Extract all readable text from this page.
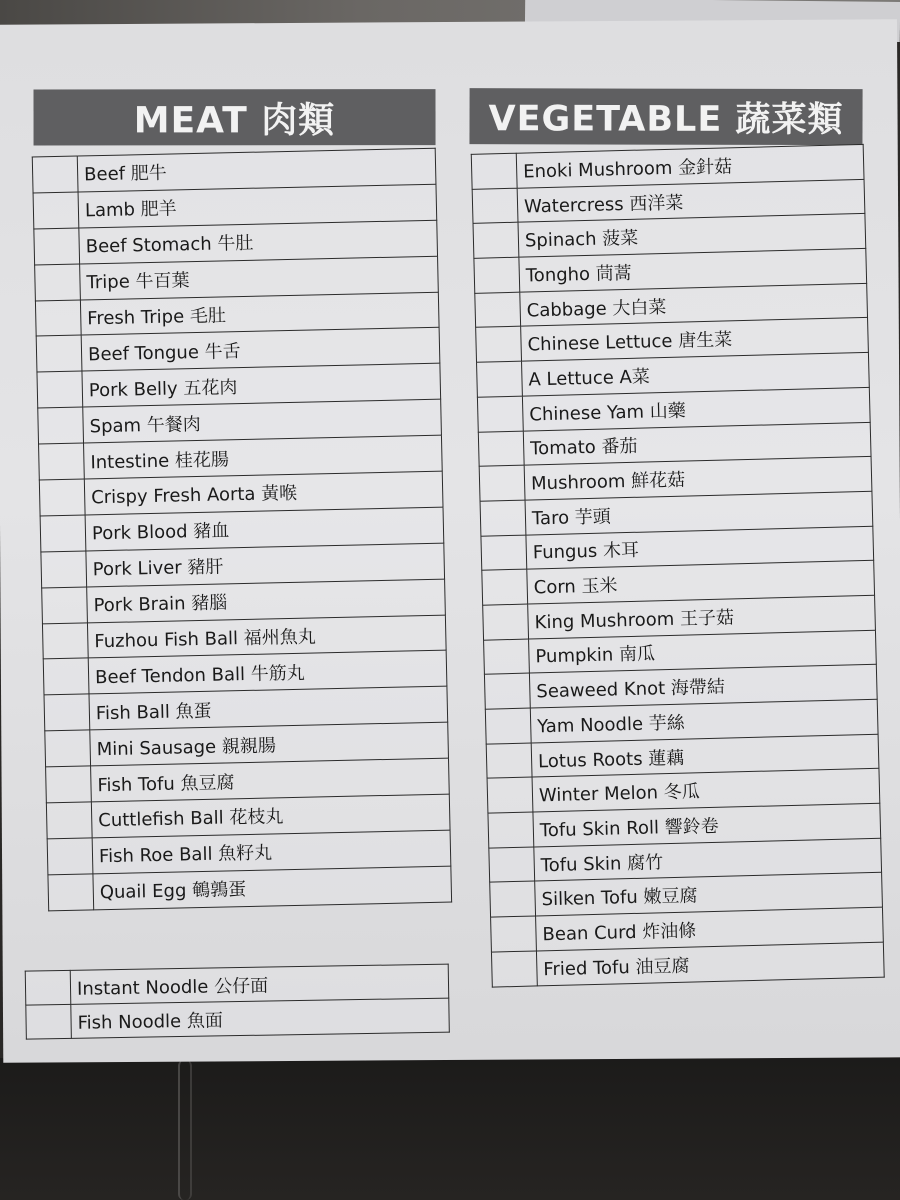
MEAT 肉類	VEGETABLE 蔬菜類
	Beef 肥牛
	Lamb 肥羊
	Beef Stomach 牛肚
	Tripe 牛百葉
	Fresh Tripe 毛肚
	Beef Tongue 牛舌
	Pork Belly 五花肉
	Spam 午餐肉
	Intestine 桂花腸
	Crispy Fresh Aorta 黃喉
	Pork Blood 豬血
	Pork Liver 豬肝
	Pork Brain 豬腦
	Fuzhou Fish Ball 福州魚丸
	Beef Tendon Ball 牛筋丸
	Fish Ball 魚蛋
	Mini Sausage 親親腸
	Fish Tofu 魚豆腐
	Cuttlefish Ball 花枝丸
	Fish Roe Ball 魚籽丸
	Quail Egg 鵪鶉蛋
	Instant Noodle 公仔面
	Fish Noodle 魚面
	Enoki Mushroom 金針菇
	Watercress 西洋菜
	Spinach 菠菜
	Tongho 茼蒿
	Cabbage 大白菜
	Chinese Lettuce 唐生菜
	A Lettuce A菜
	Chinese Yam 山藥
	Tomato 番茄
	Mushroom 鮮花菇
	Taro 芋頭
	Fungus 木耳
	Corn 玉米
	King Mushroom 王子菇
	Pumpkin 南瓜
	Seaweed Knot 海帶結
	Yam Noodle 芋絲
	Lotus Roots 蓮藕
	Winter Melon 冬瓜
	Tofu Skin Roll 響鈴卷
	Tofu Skin 腐竹
	Silken Tofu 嫩豆腐
	Bean Curd 炸油條
	Fried Tofu 油豆腐
